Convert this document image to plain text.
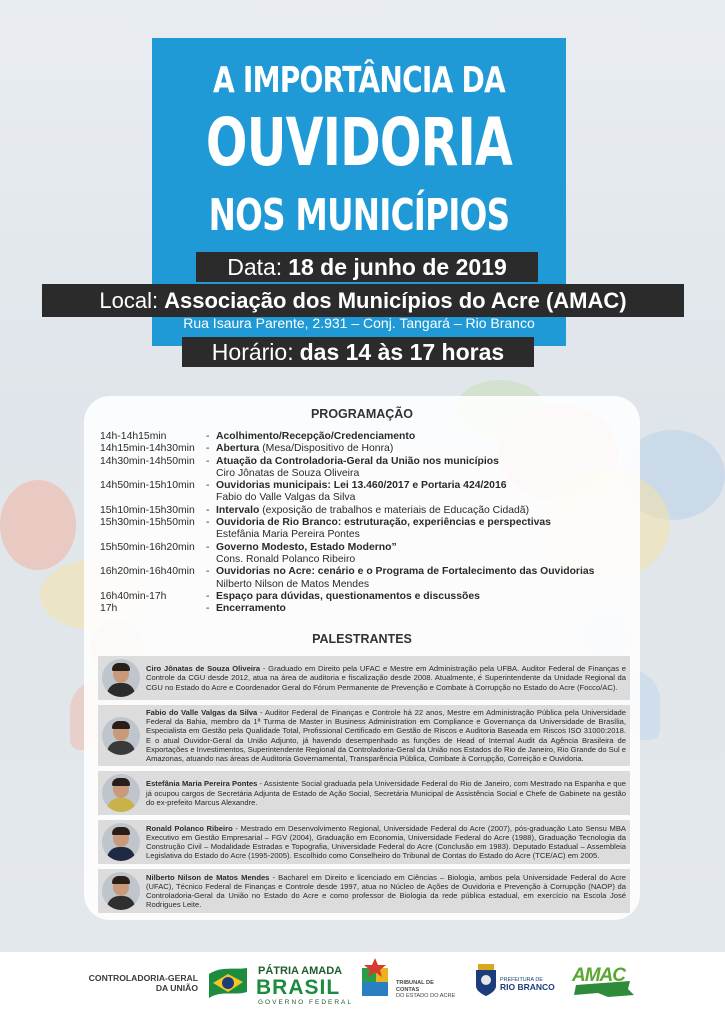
A IMPORTÂNCIA DA
OUVIDORIA
NOS MUNICÍPIOS
Data: 18 de junho de 2019
Local: Associação dos Municípios do Acre (AMAC)
Rua Isaura Parente, 2.931 – Conj. Tangará – Rio Branco
Horário: das 14 às 17 horas
PROGRAMAÇÃO
14h-14h15min	- Acolhimento/Recepção/Credenciamento
14h15min-14h30min	- Abertura (Mesa/Dispositivo de Honra)
14h30min-14h50min	- Atuação da Controladoria-Geral da União nos municípios
Ciro Jônatas de Souza Oliveira
14h50min-15h10min	- Ouvidorias municipais: Lei 13.460/2017 e Portaria 424/2016
Fabio do Valle Valgas da Silva
15h10min-15h30min	- Intervalo (exposição de trabalhos e materiais de Educação Cidadã)
15h30min-15h50min	- Ouvidoria de Rio Branco: estruturação, experiências e perspectivas
Estefânia Maria Pereira Pontes
15h50min-16h20min	- Governo Modesto, Estado Moderno”
Cons. Ronald Polanco Ribeiro
16h20min-16h40min	- Ouvidorias no Acre: cenário e o Programa de Fortalecimento das Ouvidorias
Nilberto Nilson de Matos Mendes
16h40min-17h	- Espaço para dúvidas, questionamentos e discussões
17h	- Encerramento
PALESTRANTES
Ciro Jônatas de Souza Oliveira - Graduado em Direito pela UFAC e Mestre em Administração pela UFBA. Auditor Federal de Finanças e Controle da CGU desde 2012, atua na área de auditoria e fiscalização desde 2008. Atualmente, é Superintendente da Unidade Regional da CGU no Estado do Acre e Coordenador Geral do Fórum Permanente de Prevenção e Combate à Corrupção no Estado do Acre (Focco/AC).
Fabio do Valle Valgas da Silva - Auditor Federal de Finanças e Controle há 22 anos, Mestre em Administração Pública pela Universidade Federal da Bahia, membro da 1ª Turma de Master in Business Administration em Compliance e Governança da Universidade de Brasília, Especialista em Gestão pela Qualidade Total, Profissional Certificado em Gestão de Riscos e Auditoria Baseada em Riscos ISO 31000:2018. E o atual Ouvidor-Geral da União Adjunto, já havendo desempenhado as funções de Head of Internal Audit da Agência Brasileira de Exportações e Investimentos, Superintendente Regional da Controladoria-Geral da União nos Estados do Rio de Janeiro, Rio Grande do Sul e Amazonas, atuando nas áreas de Auditoria Governamental, Transparência Pública, Combate à Corrupção, Correição e Ouvidoria.
Estefânia Maria Pereira Pontes - Assistente Social graduada pela Universidade Federal do Rio de Janeiro, com Mestrado na Espanha e que já ocupou cargos de Secretária Adjunta de Estado de Ação Social, Secretária Municipal de Assistência Social e Chefe de Gabinete na gestão do ex-prefeito Marcus Alexandre.
Ronald Polanco Ribeiro - Mestrado em Desenvolvimento Regional, Universidade Federal do Acre (2007), pós-graduação Lato Sensu MBA Executivo em Gestão Empresarial – FGV (2004), Graduação em Economia, Universidade Federal do Acre (1988), Graduação Tecnologia da Construção Civil – Modalidade Estradas e Topografia, Universidade Federal do Acre (Conclusão em 1983). Deputado Estadual – Assembleia Legislativa do Estado do Acre (1995-2005). Escolhido como Conselheiro do Tribunal de Contas do Estado do Acre (TCE/AC) em 2005.
Nilberto Nilson de Matos Mendes - Bacharel em Direito e licenciado em Ciências – Biologia, ambos pela Universidade Federal do Acre (UFAC), Técnico Federal de Finanças e Controle desde 1997, atua no Núcleo de Ações de Ouvidoria e Prevenção à Corrupção (NAOP) da Controladoria-Geral da União no Estado do Acre e como professor de Biologia da rede pública estadual, em exercício na Escola José Rodrigues Leite.
CONTROLADORIA-GERAL
DA UNIÃO
PÁTRIA AMADA
BRASIL
GOVERNO FEDERAL
TRIBUNAL DE CONTAS
DO ESTADO DO ACRE
PREFEITURA DE
RIO BRANCO
AMAC
